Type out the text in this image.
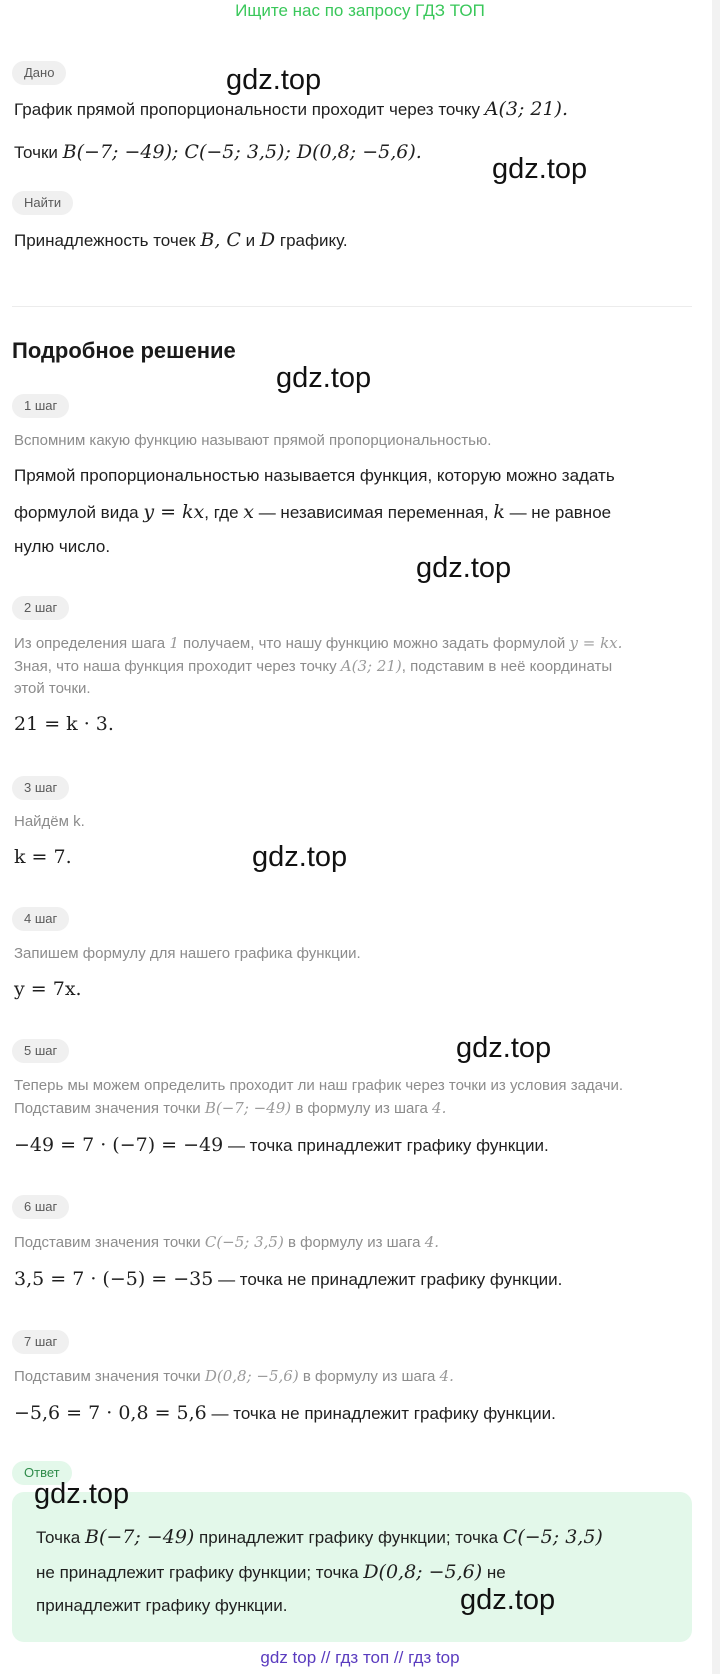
Ищите нас по запросу ГДЗ ТОП
Дано
График прямой пропорциональности проходит через точку A(3; 21).
Точки B(−7; −49); C(−5; 3,5); D(0,8; −5,6).
Найти
Принадлежность точек B, C и D графику.
Подробное решение
1 шаг
Вспомним какую функцию называют прямой пропорциональностью.
Прямой пропорциональностью называется функция, которую можно задать
формулой вида y = kx, где x — независимая переменная, k — не равное
нулю число.
2 шаг
Из определения шага 1 получаем, что нашу функцию можно задать формулой y = kx.
Зная, что наша функция проходит через точку A(3; 21), подставим в неё координаты
этой точки.
21 = k · 3.
3 шаг
Найдём k.
k = 7.
4 шаг
Запишем формулу для нашего графика функции.
y = 7x.
5 шаг
Теперь мы можем определить проходит ли наш график через точки из условия задачи.
Подставим значения точки B(−7; −49) в формулу из шага 4.
−49 = 7 · (−7) = −49 — точка принадлежит графику функции.
6 шаг
Подставим значения точки C(−5; 3,5) в формулу из шага 4.
3,5 = 7 · (−5) = −35 — точка не принадлежит графику функции.
7 шаг
Подставим значения точки D(0,8; −5,6) в формулу из шага 4.
−5,6 = 7 · 0,8 = 5,6 — точка не принадлежит графику функции.
Ответ
Точка B(−7; −49) принадлежит графику функции; точка C(−5; 3,5)
не принадлежит графику функции; точка D(0,8; −5,6) не
принадлежит графику функции.
gdz.top
gdz.top
gdz.top
gdz.top
gdz.top
gdz.top
gdz.top
gdz.top
gdz top // гдз топ // гдз top
